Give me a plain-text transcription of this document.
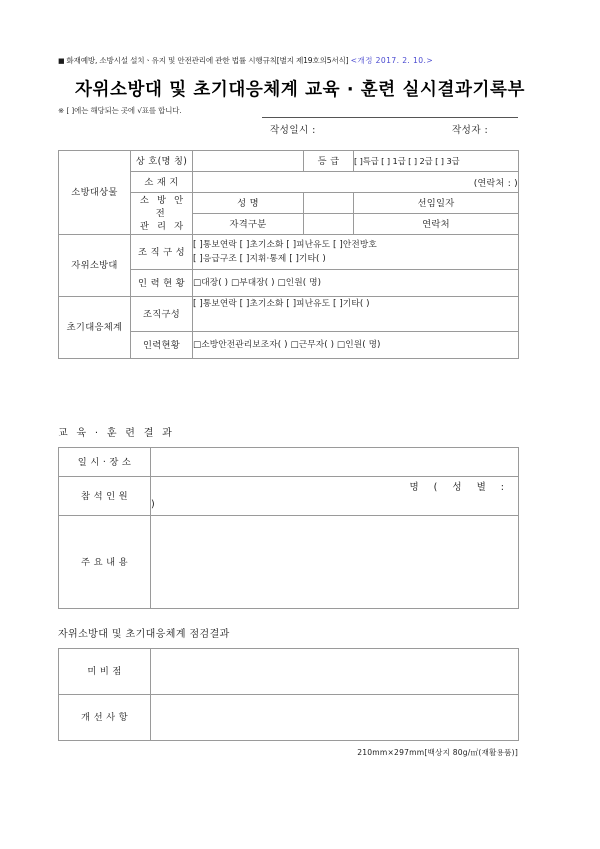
■ 화재예방, 소방시설 설치ㆍ유지 및 안전관리에 관한 법률 시행규칙[별지 제19호의5서식] <개정 2017. 2. 10.>
자위소방대 및 초기대응체계 교육 · 훈련 실시결과기록부
※ [ ]에는 해당되는 곳에 √표를 합니다.
작성일시 :	작성자 :
소방대상물	상 호(명 칭)		등 급	[ ]특급 [ ] 1급 [ ] 2급 [ ] 3급	
	소 재 지	(연락처 : )			

	소 방 안 전
관 리 자	성 명		선임일자	
		자격구분		연락처	
자위소방대	조 직 구 성	[ ]통보연락 [ ]초기소화 [ ]피난유도 [ ]안전방호
[ ]응급구조 [ ]지휘·통제 [ ]기타( )			
	인 력 현 황	□대장( ) □부대장( ) □인원( 명)			
초기대응체계	조직구성	[ ]통보연락 [ ]초기소화 [ ]피난유도 [ ]기타( )			
	인력현황	□소방안전관리보조자( ) □근무자( ) □인원( 명)			
교 육 · 훈 련 결 과
일 시 · 장 소	
참 석 인 원	명 ( 성 별 :
)

주 요 내 용	
자위소방대 및 초기대응체계 점검결과
미 비 점	
개 선 사 항	
210mm×297mm[백상지 80g/㎡(재활용품)]
